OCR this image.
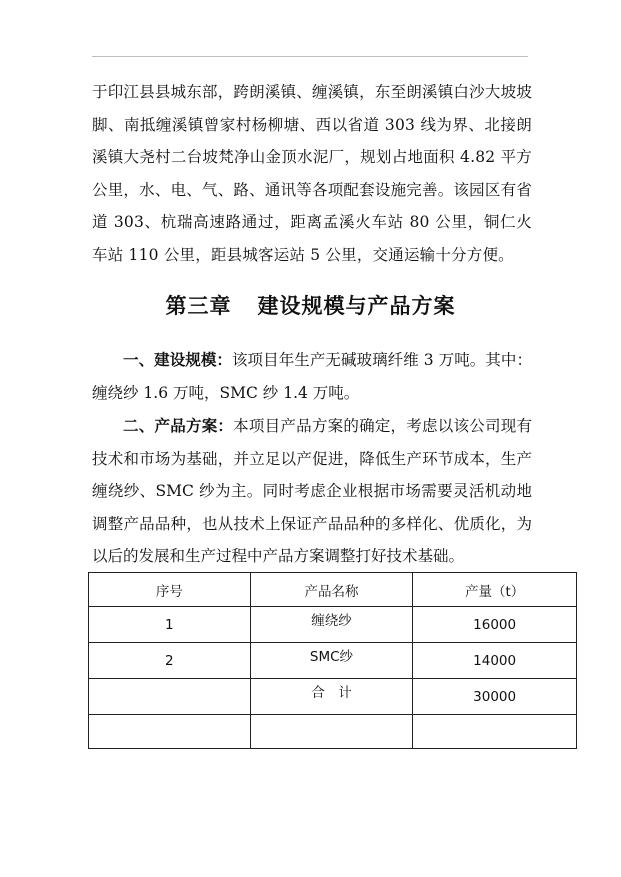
于印江县县城东部，跨朗溪镇、缠溪镇，东至朗溪镇白沙大坡坡脚、南抵缠溪镇曾家村杨柳塘、西以省道 303 线为界、北接朗溪镇大尧村二台坡梵净山金顶水泥厂，规划占地面积 4.82 平方公里，水、电、气、路、通讯等各项配套设施完善。该园区有省道 303、杭瑞高速路通过，距离孟溪火车站 80 公里，铜仁火车站 110 公里，距县城客运站 5 公里，交通运输十分方便。

第三章 建设规模与产品方案

一、建设规模：该项目年生产无碱玻璃纤维 3 万吨。其中：缠绕纱 1.6 万吨，SMC 纱 1.4 万吨。

二、产品方案：本项目产品方案的确定，考虑以该公司现有技术和市场为基础，并立足以产促进，降低生产环节成本，生产缠绕纱、SMC 纱为主。同时考虑企业根据市场需要灵活机动地调整产品品种，也从技术上保证产品品种的多样化、优质化，为以后的发展和生产过程中产品方案调整打好技术基础。

序号	产品名称	产量（t）
1	缠绕纱	16000
2	SMC纱	14000
	合　计	30000
